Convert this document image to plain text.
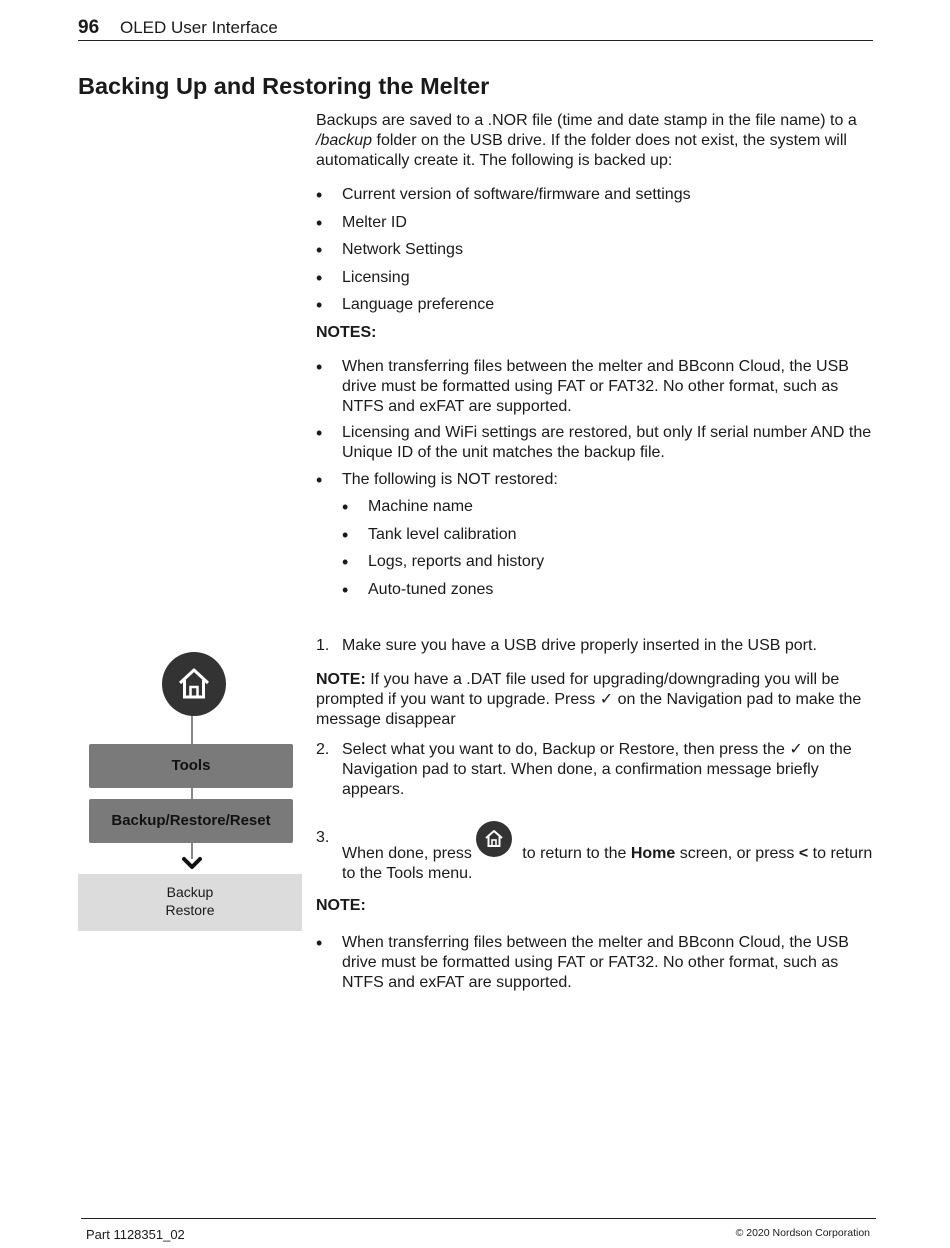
96 OLED User Interface
Backing Up and Restoring the Melter

Backups are saved to a .NOR file (time and date stamp in the file name) to a /backup folder on the USB drive. If the folder does not exist, the system will automatically create it. The following is backed up:

• Current version of software/firmware and settings
• Melter ID
• Network Settings
• Licensing
• Language preference

NOTES:

• When transferring files between the melter and BBconn Cloud, the USB drive must be formatted using FAT or FAT32. No other format, such as NTFS and exFAT are supported.
• Licensing and WiFi settings are restored, but only If serial number AND the Unique ID of the unit matches the backup file.
• The following is NOT restored:
• Machine name
• Tank level calibration
• Logs, reports and history
• Auto-tuned zones
1. Make sure you have a USB drive properly inserted in the USB port.

NOTE: If you have a .DAT file used for upgrading/downgrading you will be prompted if you want to upgrade. Press ✓ on the Navigation pad to make the message disappear

2. Select what you want to do, Backup or Restore, then press the ✓ on the Navigation pad to start. When done, a confirmation message briefly appears.
3.
When done, press	to return to the Home screen, or press < to return to the Tools menu.

NOTE:

• When transferring files between the melter and BBconn Cloud, the USB drive must be formatted using FAT or FAT32. No other format, such as NTFS and exFAT are supported.
Tools
Backup/Restore/Reset
Backup
Restore
Part 1128351_02	© 2020 Nordson Corporation
